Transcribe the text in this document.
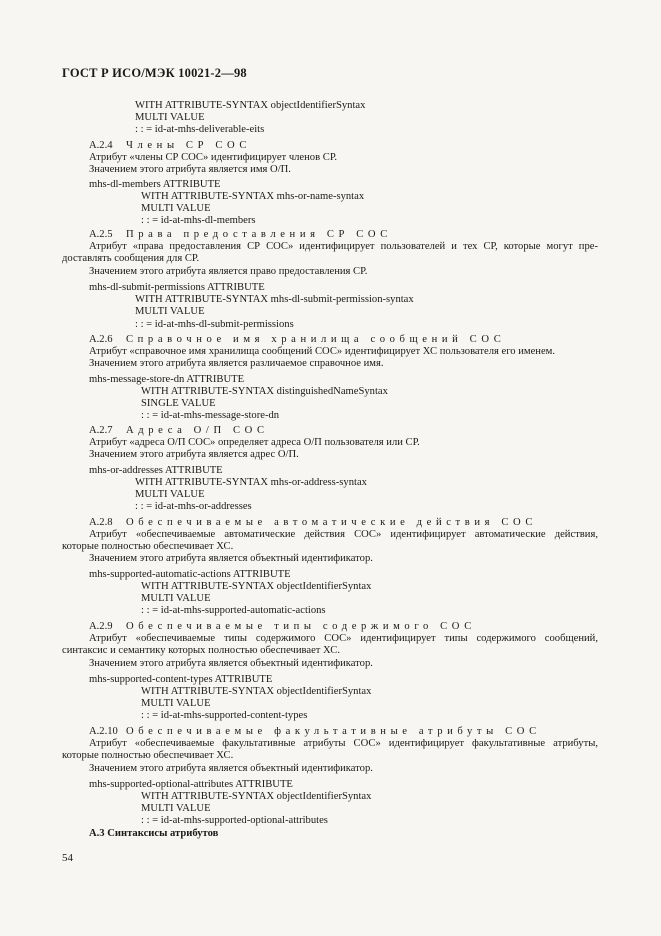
ГОСТ Р ИСО/МЭК 10021-2—98
WITH ATTRIBUTE-SYNTAX objectIdentifierSyntax
MULTI VALUE
: : = id-at-mhs-deliverable-eits
А.2.4 Члены СР СОС
Атрибут «члены СР СОС» идентифицирует членов СР.
Значением этого атрибута является имя О/П.
mhs-dl-members ATTRIBUTE
WITH ATTRIBUTE-SYNTAX mhs-or-name-syntax
MULTI VALUE
: : = id-at-mhs-dl-members
А.2.5 Права предоставления СР СОС
Атрибут «права предоставления СР СОС» идентифицирует пользователей и тех СР, которые могут пре-
доставлять сообщения для СР.
Значением этого атрибута является право предоставления СР.
mhs-dl-submit-permissions ATTRIBUTE
WITH ATTRIBUTE-SYNTAX mhs-dl-submit-permission-syntax
MULTI VALUE
: : = id-at-mhs-dl-submit-permissions
А.2.6 Справочное имя хранилища сообщений СОС
Атрибут «справочное имя хранилища сообщений СОС» идентифицирует ХС пользователя его именем.
Значением этого атрибута является различаемое справочное имя.
mhs-message-store-dn ATTRIBUTE
WITH ATTRIBUTE-SYNTAX distinguishedNameSyntax
SINGLE VALUE
: : = id-at-mhs-message-store-dn
А.2.7 Адреса О/П СОС
Атрибут «адреса О/П СОС» определяет адреса О/П пользователя или СР.
Значением этого атрибута является адрес О/П.
mhs-or-addresses ATTRIBUTE
WITH ATTRIBUTE-SYNTAX mhs-or-address-syntax
MULTI VALUE
: : = id-at-mhs-or-addresses
А.2.8 Обеспечиваемые автоматические действия СОС
Атрибут «обеспечиваемые автоматические действия СОС» идентифицирует автоматические действия,
которые полностью обеспечивает ХС.
Значением этого атрибута является объектный идентификатор.
mhs-supported-automatic-actions ATTRIBUTE
WITH ATTRIBUTE-SYNTAX objectIdentifierSyntax
MULTI VALUE
: : = id-at-mhs-supported-automatic-actions
А.2.9 Обеспечиваемые типы содержимого СОС
Атрибут «обеспечиваемые типы содержимого СОС» идентифицирует типы содержимого сообщений,
синтаксис и семантику которых полностью обеспечивает ХС.
Значением этого атрибута является объектный идентификатор.
mhs-supported-content-types ATTRIBUTE
WITH ATTRIBUTE-SYNTAX objectIdentifierSyntax
MULTI VALUE
: : = id-at-mhs-supported-content-types
А.2.10 Обеспечиваемые факультативные атрибуты СОС
Атрибут «обеспечиваемые факультативные атрибуты СОС» идентифицирует факультативные атрибуты,
которые полностью обеспечивает ХС.
Значением этого атрибута является объектный идентификатор.
mhs-supported-optional-attributes ATTRIBUTE
WITH ATTRIBUTE-SYNTAX objectIdentifierSyntax
MULTI VALUE
: : = id-at-mhs-supported-optional-attributes
А.3 Синтаксисы атрибутов
54
